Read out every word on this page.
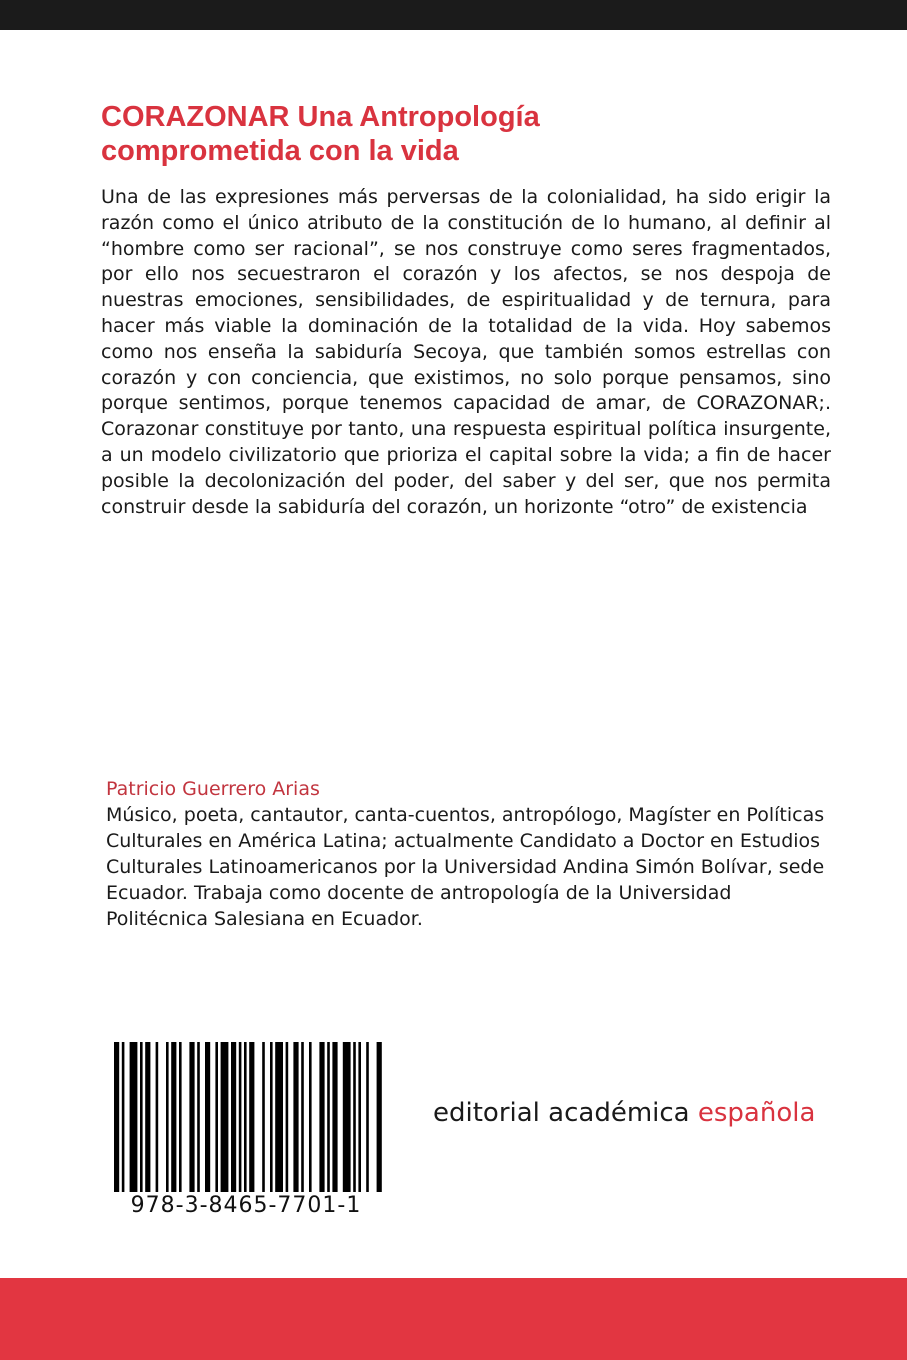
CORAZONAR Una Antropología
comprometida con la vida

Una de las expresiones más perversas de la colonialidad, ha sido erigir la razón como el único atributo de la constitución de lo humano, al definir al “hombre como ser racional”, se nos construye como seres fragmentados, por ello nos secuestraron el corazón y los afectos, se nos despoja de nuestras emociones, sensibilidades, de espiritualidad y de ternura, para hacer más viable la dominación de la totalidad de la vida. Hoy sabemos como nos enseña la sabiduría Secoya, que también somos estrellas con corazón y con conciencia, que existimos, no solo porque pensamos, sino porque sentimos, porque tenemos capacidad de amar, de CORAZONAR;. Corazonar constituye por tanto, una respuesta espiritual política insurgente, a un modelo civilizatorio que prioriza el capital sobre la vida; a fin de hacer posible la decolonización del poder, del saber y del ser, que nos permita construir desde la sabiduría del corazón, un horizonte “otro” de existencia

Patricio Guerrero Arias

Músico, poeta, cantautor, canta-cuentos, antropólogo, Magíster en Políticas Culturales en América Latina; actualmente Candidato a Doctor en Estudios Culturales Latinoamericanos por la Universidad Andina Simón Bolívar, sede Ecuador. Trabaja como docente de antropología de la Universidad Politécnica Salesiana en Ecuador.

978-3-8465-7701-1
editorial académica española
